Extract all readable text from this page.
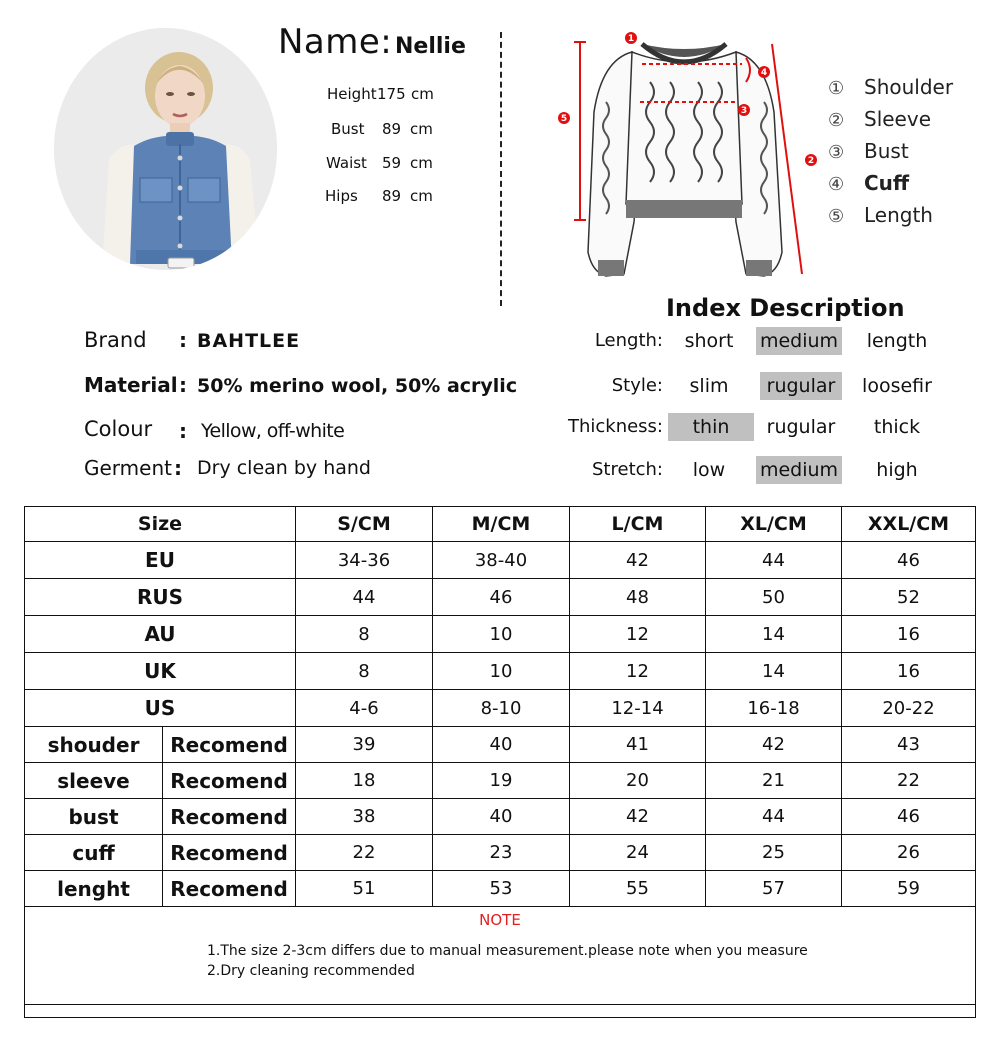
Name: Nellie
Height 175 cm
Bust 89 cm
Waist 59 cm
Hips 89 cm
1
2
3
4
5
① Shoulder
② Sleeve
③ Bust
④ Cuff
⑤ Length
Brand : BAHTLEE
Material : 50% merino wool, 50% acrylic
Colour : Yellow, off-white
Germent : Dry clean by hand
Index Description
Length:	short	medium	length
Style:	slim	rugular	loosefir
Thickness:	thin	rugular	thick
Stretch:	low	medium	high
Size		S/CM	M/CM	L/CM	XL/CM	XXL/CM
EU		34-36	38-40	42	44	46
RUS		44	46	48	50	52
AU		8	10	12	14	16
UK		8	10	12	14	16
US		4-6	8-10	12-14	16-18	20-22
shouder	Recomend	39	40	41	42	43
sleeve	Recomend	18	19	20	21	22
bust	Recomend	38	40	42	44	46
cuff	Recomend	22	23	24	25	26
lenght	Recomend	51	53	55	57	59

NOTE
1.The size 2-3cm differs due to manual measurement.please note when you measure
2.Dry cleaning recommended						
